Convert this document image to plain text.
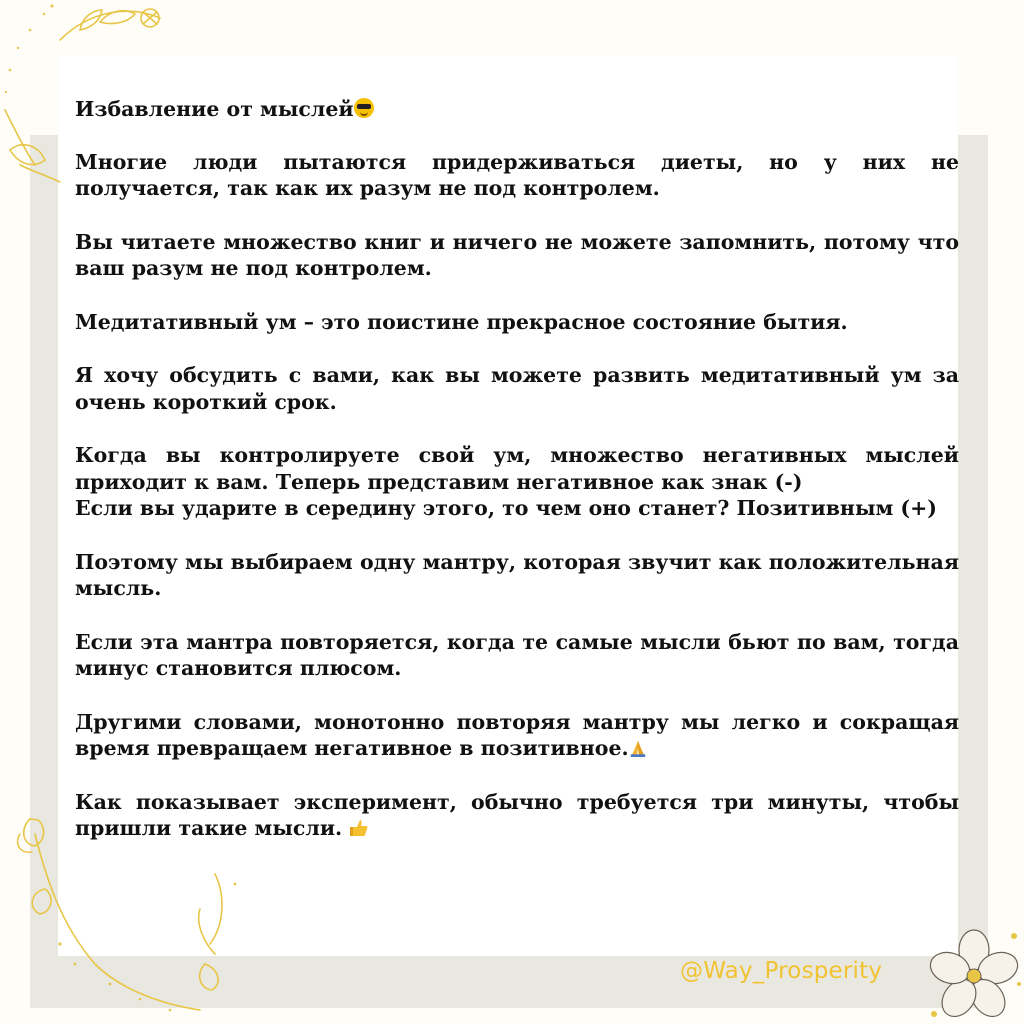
Избавление от мыслей
Многие люди пытаются придерживаться диеты, но у них не получается, так как их разум не под контролем.
Вы читаете множество книг и ничего не можете запомнить, потому что ваш разум не под контролем.
Медитативный ум – это поистине прекрасное состояние бытия.
Я хочу обсудить с вами, как вы можете развить медитативный ум за очень короткий срок.
Когда вы контролируете свой ум, множество негативных мыслей приходит к вам. Теперь представим негативное как знак (-)
Если вы ударите в середину этого, то чем оно станет? Позитивным (+)
Поэтому мы выбираем одну мантру, которая звучит как положительная мысль.
Если эта мантра повторяется, когда те самые мысли бьют по вам, тогда минус становится плюсом.
Другими словами, монотонно повторяя мантру мы легко и сокращая время превращаем негативное в позитивное.
Как показывает эксперимент, обычно требуется три минуты, чтобы пришли такие мысли.
@Way_Prosperity
